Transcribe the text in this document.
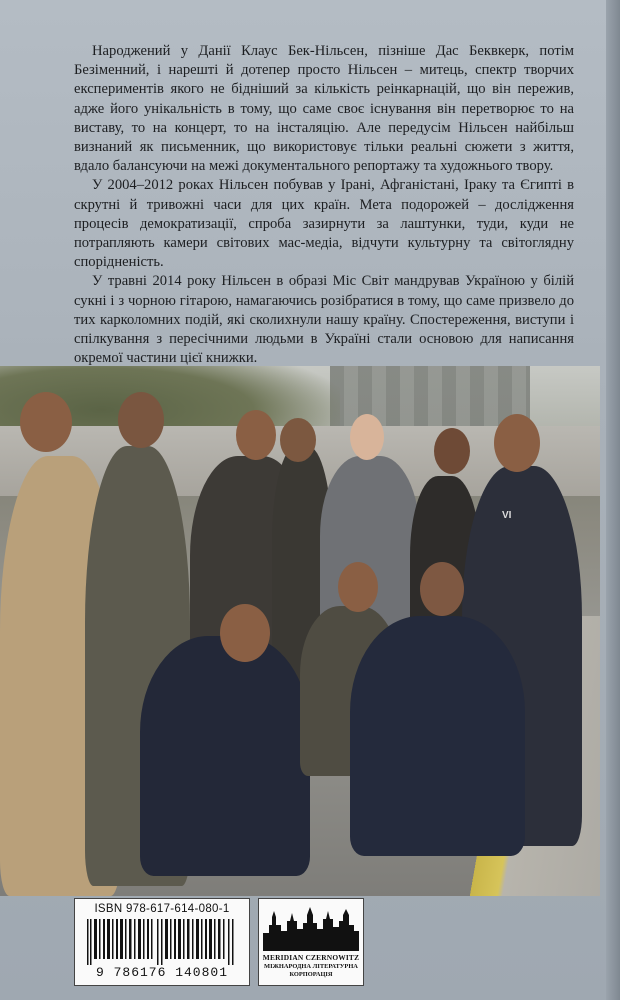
Народжений у Данії Клаус Бек-Нільсен, пізніше Дас Беквкерк, потім Безіменний, і нарешті й дотепер просто Нільсен – митець, спектр творчих експериментів якого не бідніший за кількість реінкарнацій, що він пережив, адже його унікальність в тому, що саме своє існування він перетворює то на виставу, то на концерт, то на інсталяцію. Але передусім Нільсен найбільш визнаний як письменник, що використовує тільки реальні сюжети з життя, вдало балансуючи на межі документального репортажу та художнього твору.

У 2004–2012 роках Нільсен побував у Ірані, Афганістані, Іраку та Єгипті в скрутні й тривожні часи для цих країн. Мета подорожей – дослідження процесів демократизації, спроба зазирнути за лаштунки, туди, куди не потрапляють камери світових мас-медіа, відчути культурну та світоглядну спорідненість.

У травні 2014 року Нільсен в образі Міс Світ мандрував Україною у білій сукні і з чорною гітарою, намагаючись розібратися в тому, що саме призвело до тих карколомних подій, які сколихнули нашу країну. Спостереження, виступи і спілкування з пересічними людьми в Україні стали основою для написання окремої частини цієї книжки.

VI
ISBN 978-617-614-080-1
9 786176 140801
MERIDIAN CZERNOWITZ
МІЖНАРОДНА ЛІТЕРАТУРНА
КОРПОРАЦІЯ
